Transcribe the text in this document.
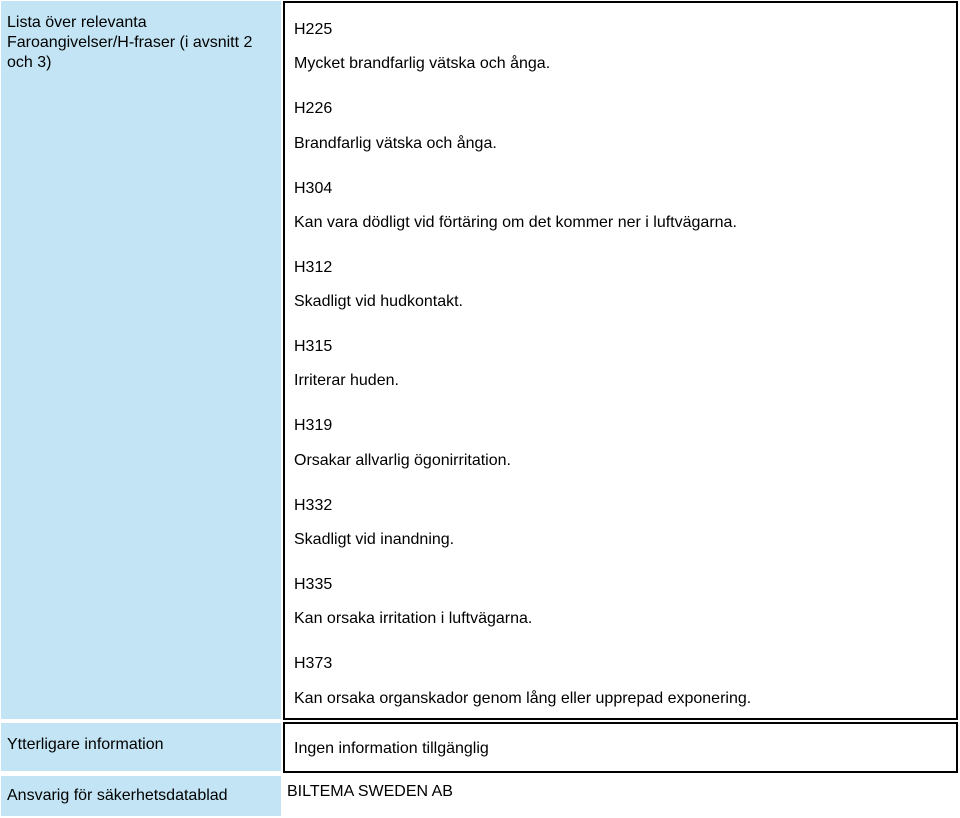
Lista över relevanta Faroangivelser/H-fraser (i avsnitt 2 och 3)
H225
Mycket brandfarlig vätska och ånga.
H226
Brandfarlig vätska och ånga.
H304
Kan vara dödligt vid förtäring om det kommer ner i luftvägarna.
H312
Skadligt vid hudkontakt.
H315
Irriterar huden.
H319
Orsakar allvarlig ögonirritation.
H332
Skadligt vid inandning.
H335
Kan orsaka irritation i luftvägarna.
H373
Kan orsaka organskador genom lång eller upprepad exponering.
Ytterligare information	Ingen information tillgänglig
Ansvarig för säkerhetsdatablad	BILTEMA SWEDEN AB
